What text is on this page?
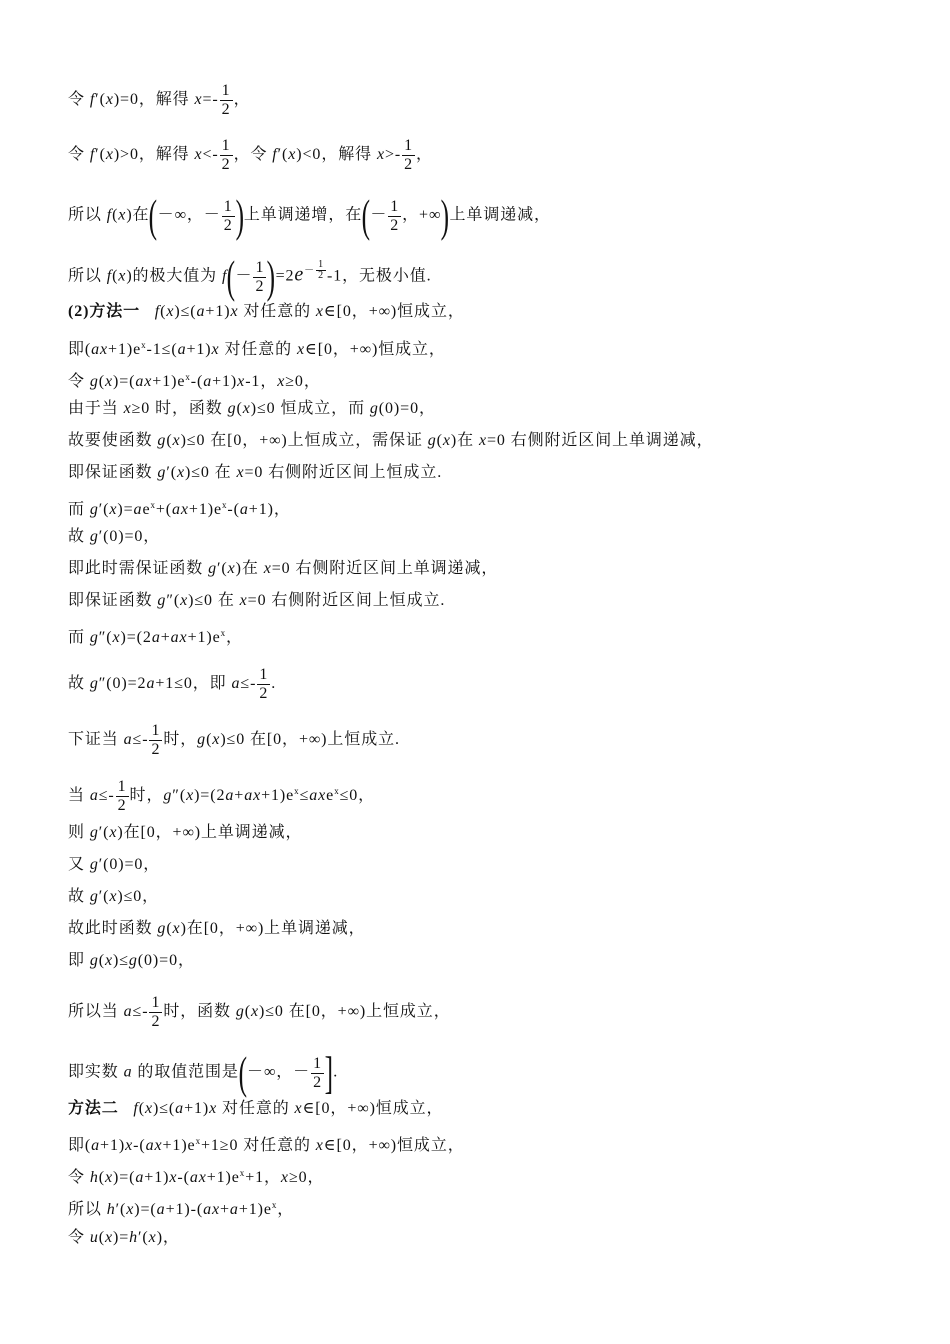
令 f′(x)=0，解得 $x=- \frac{1}{2}$ ，
令 f′(x)>0，解得 $x<- \frac{1}{2}$ ，令 f′(x)<0，解得 $x>- \frac{1}{2}$ ，
所以 f(x)在(－∞，－ $\frac{1}{2}$ )上单调递增，在(－ $\frac{1}{2}$ ，+∞)上单调递减，
所以 f(x)的极大值为 $f(- \frac{1}{2} )=2e- \frac{1}{2} -1$，无极小值.
(2)方法一 f(x)≤(a+1)x 对任意的 x∈[0，+∞)恒成立，
即$(ax+1)e^x-1\le(a+1)x$ 对任意的 x∈[0，+∞)恒成立，
令 $g(x)=(ax+1)e^x-(a+1)x-1$，x≥0，
由于当 x≥0 时，函数 g(x)≤0 恒成立，而 g(0)=0，
故要使函数 g(x)≤0 在[0，+∞)上恒成立，需保证 g(x)在 x=0 右侧附近区间上单调递减，
即保证函数 g′(x)≤0 在 x=0 右侧附近区间上恒成立.
而 $g'(x)=ae^x+(ax+1)e^x-(a+1)$，
故 g′(0)=0，
即此时需保证函数 g′(x)在 x=0 右侧附近区间上单调递减，
即保证函数 g″(x)≤0 在 x=0 右侧附近区间上恒成立.
而 $g''(x)=(2a+ax+1)e^x$，
故 g″(0)=2a+1≤0，即 $a\le- \frac{1}{2}$ .
下证当 $a\le- \frac{1}{2}$ 时，g(x)≤0 在[0，+∞)上恒成立.
当 $a\le- \frac{1}{2}$ 时，$g''(x)=(2a+ax+1)e^x\le axe^x\le 0$，
则 g′(x)在[0，+∞)上单调递减，
又 g′(0)=0，
故 g′(x)≤0，
故此时函数 g(x)在[0，+∞)上单调递减，
即 g(x)≤g(0)=0，
所以当 $a\le- \frac{1}{2}$ 时，函数 g(x)≤0 在[0，+∞)上恒成立，
即实数 a 的取值范围是(－∞，－ $\frac{1}{2}$ ].
方法二 f(x)≤(a+1)x 对任意的 x∈[0，+∞)恒成立，
即$(a+1)x-(ax+1)e^x+1\ge 0$ 对任意的 x∈[0，+∞)恒成立，
令 $h(x)=(a+1)x-(ax+1)e^x+1$，x≥0，
所以 $h'(x)=(a+1)-(ax+a+1)e^x$，
令 u(x)=h′(x)，
